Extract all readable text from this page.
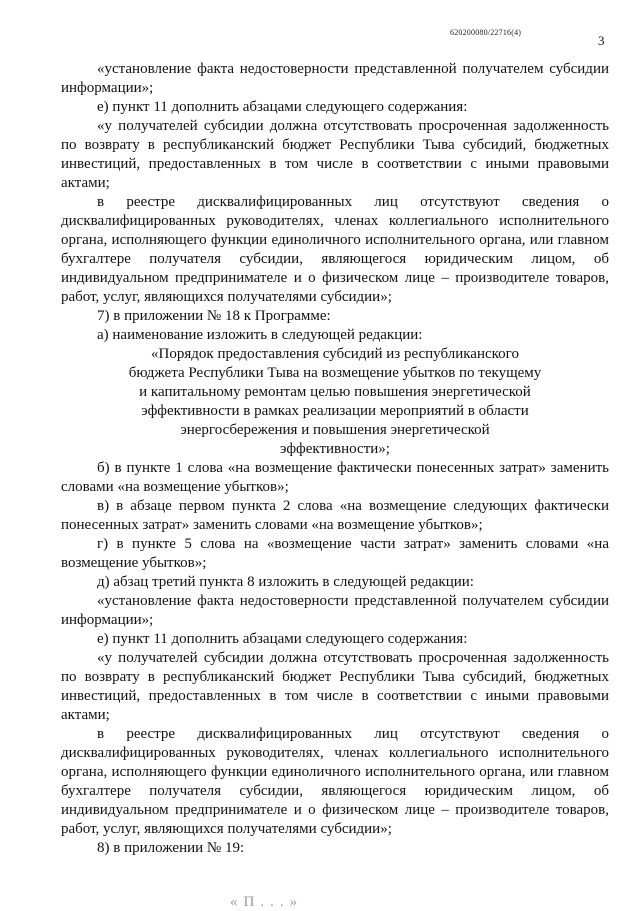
620200080/22716(4)
3

«установление факта недостоверности представленной получателем субсидии информации»;

е) пункт 11 дополнить абзацами следующего содержания:

«у получателей субсидии должна отсутствовать просроченная задолженность по возврату в республиканский бюджет Республики Тыва субсидий, бюджетных инвестиций, предоставленных в том числе в соответствии с иными правовыми актами;

в реестре дисквалифицированных лиц отсутствуют сведения о дисквалифицированных руководителях, членах коллегиального исполнительного органа, исполняющего функции единоличного исполнительного органа, или главном бухгалтере получателя субсидии, являющегося юридическим лицом, об индивидуальном предпринимателе и о физическом лице – производителе товаров, работ, услуг, являющихся получателями субсидии»;

7) в приложении № 18 к Программе:

а) наименование изложить в следующей редакции:

«Порядок предоставления субсидий из республиканского бюджета Республики Тыва на возмещение убытков по текущему и капитальному ремонтам целью повышения энергетической эффективности в рамках реализации мероприятий в области энергосбережения и повышения энергетической эффективности»;

б) в пункте 1 слова «на возмещение фактически понесенных затрат» заменить словами «на возмещение убытков»;

в) в абзаце первом пункта 2 слова «на возмещение следующих фактически понесенных затрат» заменить словами «на возмещение убытков»;

г) в пункте 5 слова на «возмещение части затрат» заменить словами «на возмещение убытков»;

д) абзац третий пункта 8 изложить в следующей редакции:

«установление факта недостоверности представленной получателем субсидии информации»;

е) пункт 11 дополнить абзацами следующего содержания:

«у получателей субсидии должна отсутствовать просроченная задолженность по возврату в республиканский бюджет Республики Тыва субсидий, бюджетных инвестиций, предоставленных в том числе в соответствии с иными правовыми актами;

в реестре дисквалифицированных лиц отсутствуют сведения о дисквалифицированных руководителях, членах коллегиального исполнительного органа, исполняющего функции единоличного исполнительного органа, или главном бухгалтере получателя субсидии, являющегося юридическим лицом, об индивидуальном предпринимателе и о физическом лице – производителе товаров, работ, услуг, являющихся получателями субсидии»;

8) в приложении № 19:

«П...»
